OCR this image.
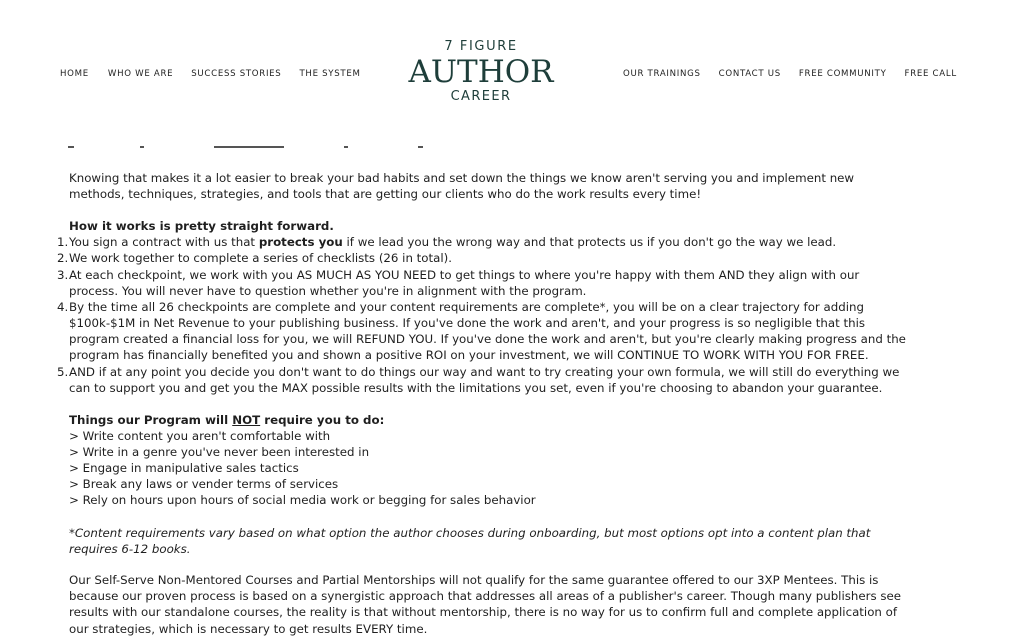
HOME WHO WE ARE SUCCESS STORIES THE SYSTEM
7 FIGURE
AUTHOR
CAREER
OUR TRAININGS CONTACT US FREE COMMUNITY FREE CALL
Knowing that makes it a lot easier to break your bad habits and set down the things we know aren't serving you and implement new
methods, techniques, strategies, and tools that are getting our clients who do the work results every time!
How it works is pretty straight forward.
1. You sign a contract with us that protects you if we lead you the wrong way and that protects us if you don't go the way we lead.
2. We work together to complete a series of checklists (26 in total).
3. At each checkpoint, we work with you AS MUCH AS YOU NEED to get things to where you're happy with them AND they align with our
process. You will never have to question whether you're in alignment with the program.
4. By the time all 26 checkpoints are complete and your content requirements are complete*, you will be on a clear trajectory for adding
$100k-$1M in Net Revenue to your publishing business. If you've done the work and aren't, and your progress is so negligible that this
program created a financial loss for you, we will REFUND YOU. If you've done the work and aren't, but you're clearly making progress and the
program has financially benefited you and shown a positive ROI on your investment, we will CONTINUE TO WORK WITH YOU FOR FREE.
5. AND if at any point you decide you don't want to do things our way and want to try creating your own formula, we will still do everything we
can to support you and get you the MAX possible results with the limitations you set, even if you're choosing to abandon your guarantee.
Things our Program will NOT require you to do:
> Write content you aren't comfortable with
> Write in a genre you've never been interested in
> Engage in manipulative sales tactics
> Break any laws or vender terms of services
> Rely on hours upon hours of social media work or begging for sales behavior
*Content requirements vary based on what option the author chooses during onboarding, but most options opt into a content plan that
requires 6-12 books.
Our Self-Serve Non-Mentored Courses and Partial Mentorships will not qualify for the same guarantee offered to our 3XP Mentees. This is
because our proven process is based on a synergistic approach that addresses all areas of a publisher's career. Though many publishers see
results with our standalone courses, the reality is that without mentorship, there is no way for us to confirm full and complete application of
our strategies, which is necessary to get results EVERY time.
